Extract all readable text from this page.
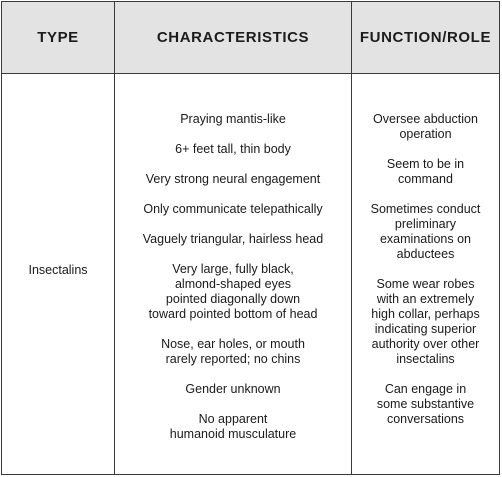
TYPE	CHARACTERISTICS	FUNCTION/ROLE
Insectalins
Praying mantis-like
6+ feet tall, thin body
Very strong neural engagement
Only communicate telepathically
Vaguely triangular, hairless head
Very large, fully black,
almond-shaped eyes
pointed diagonally down
toward pointed bottom of head
Nose, ear holes, or mouth
rarely reported; no chins
Gender unknown
No apparent
humanoid musculature
Oversee abduction
operation
Seem to be in
command
Sometimes conduct
preliminary
examinations on
abductees
Some wear robes
with an extremely
high collar, perhaps
indicating superior
authority over other
insectalins
Can engage in
some substantive
conversations
